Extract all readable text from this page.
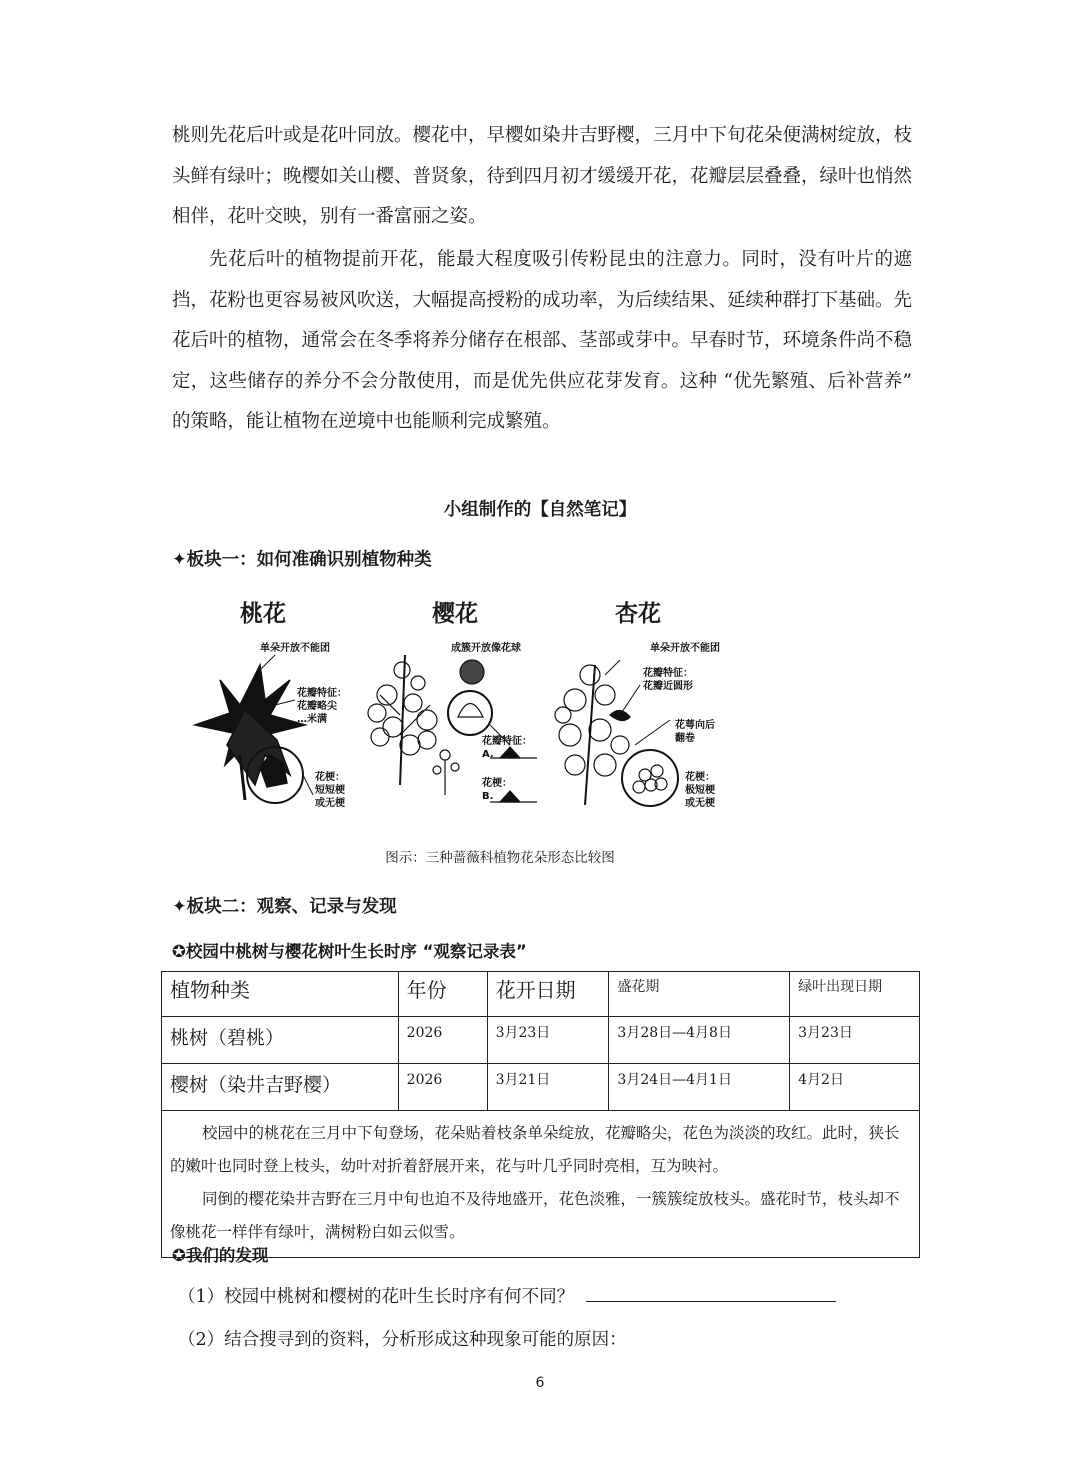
桃则先花后叶或是花叶同放。樱花中，早樱如染井吉野樱，三月中下旬花朵便满树绽放，枝头鲜有绿叶；晚樱如关山樱、普贤象，待到四月初才缓缓开花，花瓣层层叠叠，绿叶也悄然相伴，花叶交映，别有一番富丽之姿。

先花后叶的植物提前开花，能最大程度吸引传粉昆虫的注意力。同时，没有叶片的遮挡，花粉也更容易被风吹送，大幅提高授粉的成功率，为后续结果、延续种群打下基础。先花后叶的植物，通常会在冬季将养分储存在根部、茎部或芽中。早春时节，环境条件尚不稳定，这些储存的养分不会分散使用，而是优先供应花芽发育。这种 “优先繁殖、后补营养” 的策略，能让植物在逆境中也能顺利完成繁殖。

小组制作的【自然笔记】
✦板块一：如何准确识别植物种类
桃花
单朵开放不能团
花瓣特征：
花瓣略尖
…米满
花梗：
短短梗
或无梗
樱花
成簇开放像花球
花瓣特征：
A.
花梗：
B.
杏花
单朵开放不能团
花瓣特征：
花瓣近圆形
花萼向后
翻卷
花梗：
极短梗
或无梗
图示：三种蔷薇科植物花朵形态比较图
✦板块二：观察、记录与发现
✪校园中桃树与樱花树叶生长时序 “观察记录表”
植物种类	年份	花开日期	盛花期	绿叶出现日期
桃树（碧桃）	2026	3月23日	3月28日—4月8日	3月23日
樱树（染井吉野樱）	2026	3月21日	3月24日—4月1日	4月2日

校园中的桃花在三月中下旬登场，花朵贴着枝条单朵绽放，花瓣略尖，花色为淡淡的玫红。此时，狭长的嫩叶也同时登上枝头，幼叶对折着舒展开来，花与叶几乎同时亮相，互为映衬。

同倒的樱花染井吉野在三月中旬也迫不及待地盛开，花色淡雅，一簇簇绽放枝头。盛花时节，枝头却不像桃花一样伴有绿叶，满树粉白如云似雪。				

✪我们的发现
（1）校园中桃树和樱树的花叶生长时序有何不同？
（2）结合搜寻到的资料，分析形成这种现象可能的原因：
6
